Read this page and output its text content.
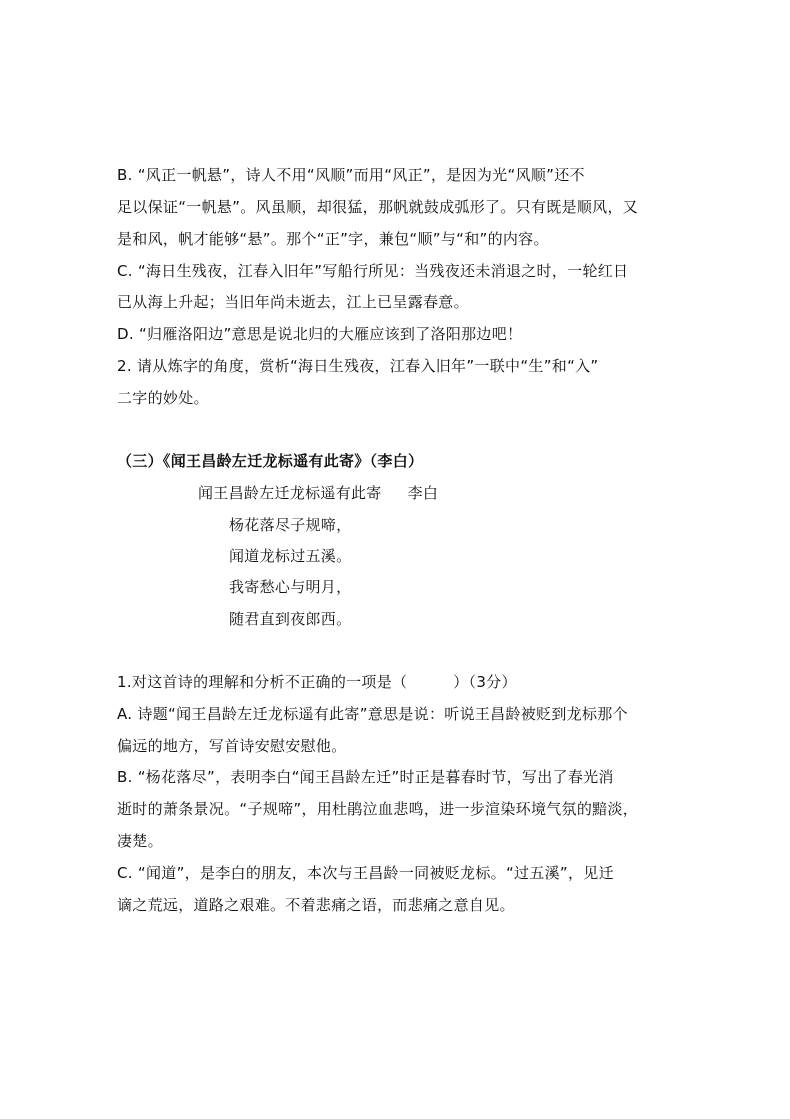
B. “风正一帆悬”，诗人不用“风顺”而用“风正”，是因为光“风顺”还不
足以保证“一帆悬”。风虽顺，却很猛，那帆就鼓成弧形了。只有既是顺风，又
是和风，帆才能够“悬”。那个“正”字，兼包“顺”与“和”的内容。
C. “海日生残夜，江春入旧年”写船行所见：当残夜还未消退之时，一轮红日
已从海上升起；当旧年尚未逝去，江上已呈露春意。
D. “归雁洛阳边”意思是说北归的大雁应该到了洛阳那边吧！
2. 请从炼字的角度，赏析“海日生残夜，江春入旧年”一联中“生”和“入”
二字的妙处。
（三）《闻王昌龄左迁龙标遥有此寄》（李白）
闻王昌龄左迁龙标遥有此寄 李白
杨花落尽子规啼，
闻道龙标过五溪。
我寄愁心与明月，
随君直到夜郎西。
1.对这首诗的理解和分析不正确的一项是（　　　）（3分）
A. 诗题“闻王昌龄左迁龙标遥有此寄”意思是说：听说王昌龄被贬到龙标那个
偏远的地方，写首诗安慰安慰他。
B. “杨花落尽”，表明李白“闻王昌龄左迁”时正是暮春时节，写出了春光消
逝时的萧条景况。“子规啼”，用杜鹃泣血悲鸣，进一步渲染环境气氛的黯淡，
凄楚。
C. “闻道”，是李白的朋友，本次与王昌龄一同被贬龙标。“过五溪”，见迁
谪之荒远，道路之艰难。不着悲痛之语，而悲痛之意自见。
